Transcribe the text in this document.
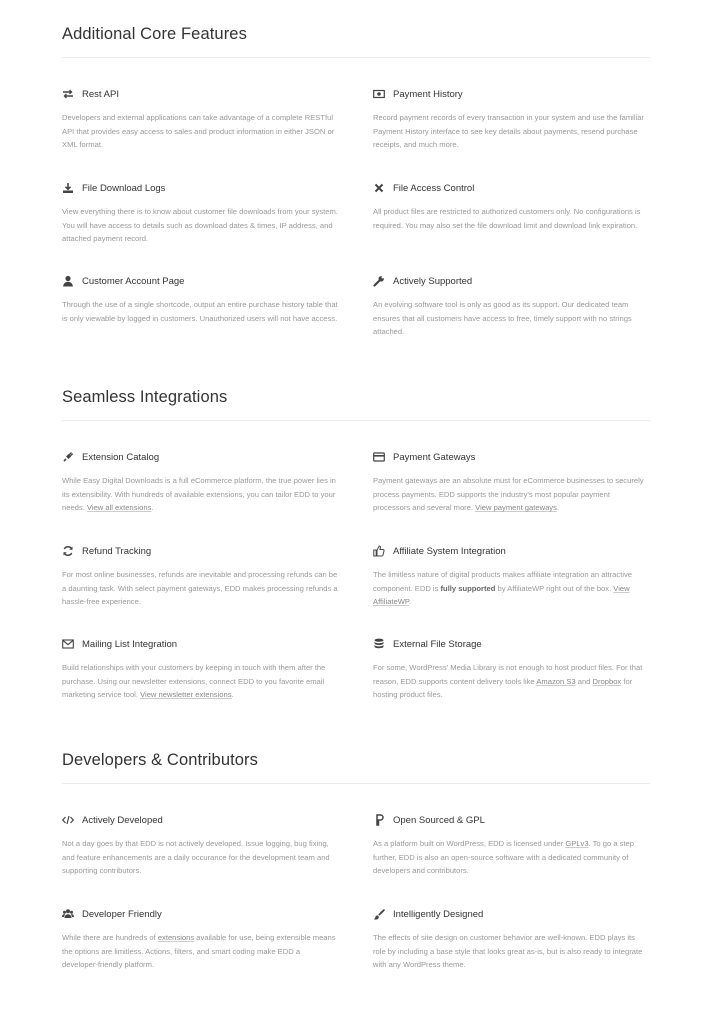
Additional Core Features
Rest API

Developers and external applications can take advantage of a complete RESTful API that provides easy access to sales and product information in either JSON or XML format.

Payment History

Record payment records of every transaction in your system and use the familiar Payment History interface to see key details about payments, resend purchase receipts, and much more.

File Download Logs

View everything there is to know about customer file downloads from your system. You will have access to details such as download dates & times, IP address, and attached payment record.

File Access Control

All product files are restricted to authorized customers only. No configurations is required. You may also set the file download limit and download link expiration.

Customer Account Page

Through the use of a single shortcode, output an entire purchase history table that is only viewable by logged in customers. Unauthorized users will not have access.

Actively Supported

An evolving software tool is only as good as its support. Our dedicated team ensures that all customers have access to free, timely support with no strings attached.

Seamless Integrations
Extension Catalog

While Easy Digital Downloads is a full eCommerce platform, the true power lies in its extensibility. With hundreds of available extensions, you can tailor EDD to your needs. View all extensions.

Payment Gateways

Payment gateways are an absolute must for eCommerce businesses to securely process payments. EDD supports the industry's most popular payment processors and several more. View payment gateways.

Refund Tracking

For most online businesses, refunds are inevitable and processing refunds can be a daunting task. With select payment gateways, EDD makes processing refunds a hassle-free experience.

Affiliate System Integration

The limitless nature of digital products makes affiliate integration an attractive component. EDD is fully supported by AffiliateWP right out of the box. View AffiliateWP.

Mailing List Integration

Build relationships with your customers by keeping in touch with them after the purchase. Using our newsletter extensions, connect EDD to you favorite email marketing service tool. View newsletter extensions.

External File Storage

For some, WordPress' Media Library is not enough to host product files. For that reason, EDD supports content delivery tools like Amazon S3 and Dropbox for hosting product files.

Developers & Contributors
Actively Developed

Not a day goes by that EDD is not actively developed. Issue logging, bug fixing, and feature enhancements are a daily occurance for the development team and supporting contributors.

Open Sourced & GPL

As a platform built on WordPress, EDD is licensed under GPLv3. To go a step further, EDD is also an open-source software with a dedicated community of developers and contributors.

Developer Friendly

While there are hundreds of extensions available for use, being extensible means the options are limitless. Actions, filters, and smart coding make EDD a developer-friendly platform.

Intelligently Designed

The effects of site design on customer behavior are well-known. EDD plays its role by including a base style that looks great as-is, but is also ready to integrate with any WordPress theme.
